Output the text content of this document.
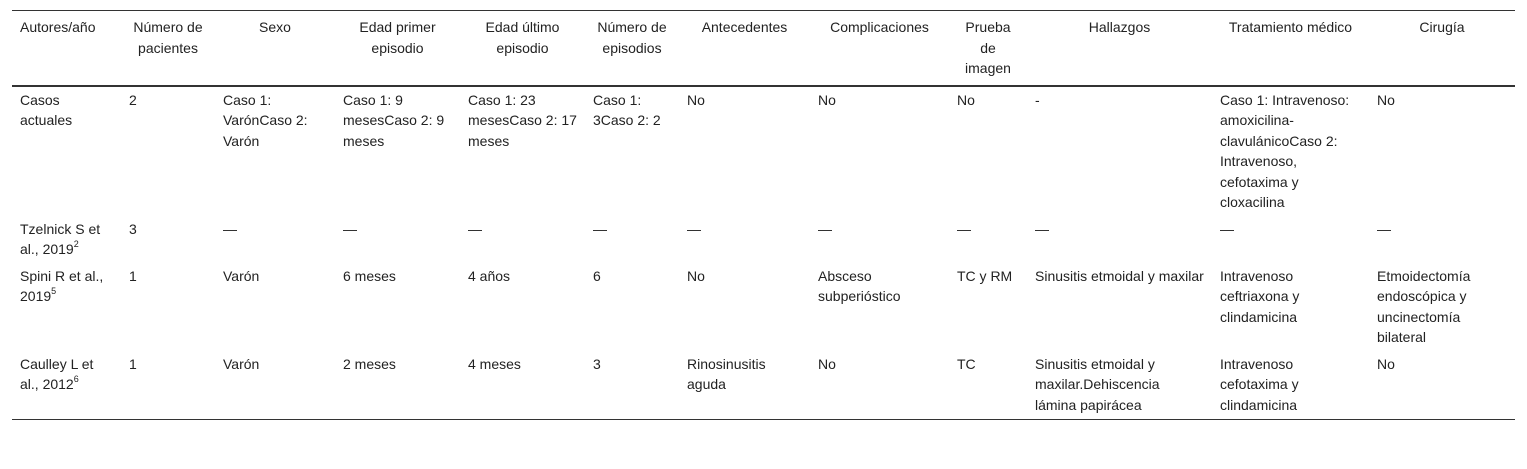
Autores/año	Número de pacientes	Sexo	Edad primer episodio	Edad último episodio	Número de episodios	Antecedentes	Complicaciones	Prueba de imagen	Hallazgos	Tratamiento médico	Cirugía
Casos actuales	2	Caso 1: VarónCaso 2: Varón	Caso 1: 9 mesesCaso 2: 9 meses	Caso 1: 23 mesesCaso 2: 17 meses	Caso 1: 3Caso 2: 2	No	No	No	-	Caso 1: Intravenoso: amoxicilina-clavulánicoCaso 2: Intravenoso, cefotaxima y cloxacilina	No
Tzelnick S et al., 2019$^2$	3	—	—	—	—	—	—	—	—	—	—
Spini R et al., 2019$^5$	1	Varón	6 meses	4 años	6	No	Absceso subperióstico	TC y RM	Sinusitis etmoidal y maxilar	Intravenoso ceftriaxona y clindamicina	Etmoidectomía endoscópica y uncinectomía bilateral
Caulley L et al., 2012$^6$	1	Varón	2 meses	4 meses	3	Rinosinusitis aguda	No	TC	Sinusitis etmoidal y maxilar.Dehiscencia lámina papirácea	Intravenoso cefotaxima y clindamicina	No
